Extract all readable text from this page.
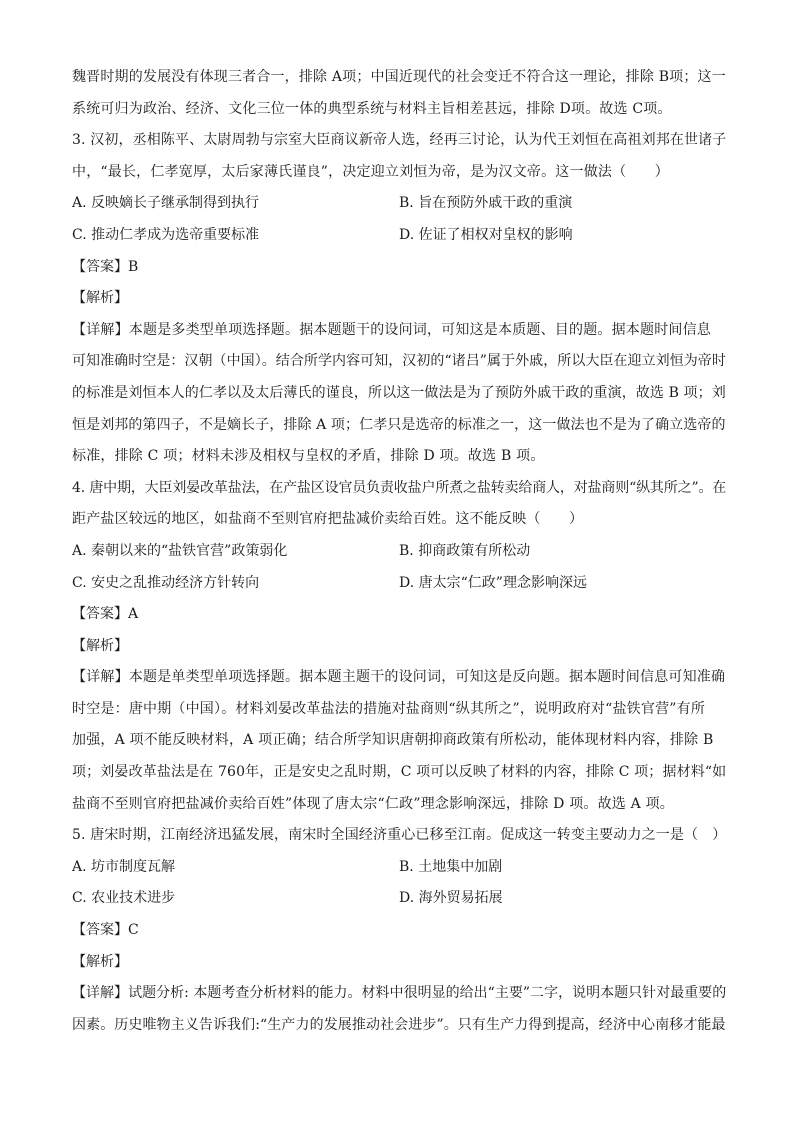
魏晋时期的发展没有体现三者合一，排除 A项；中国近现代的社会变迁不符合这一理论，排除 B项；这一
系统可归为政治、经济、文化三位一体的典型系统与材料主旨相差甚远，排除 D项。故选 C项。

3. 汉初，丞相陈平、太尉周勃与宗室大臣商议新帝人选，经再三讨论，认为代王刘恒在高祖刘邦在世诸子
中，“最长，仁孝宽厚，太后家薄氏谨良”，决定迎立刘恒为帝，是为汉文帝。这一做法（　　）

A. 反映嫡长子继承制得到执行	B. 旨在预防外戚干政的重演
C. 推动仁孝成为选帝重要标准	D. 佐证了相权对皇权的影响
【答案】B
【解析】

【详解】本题是多类型单项选择题。据本题题干的设问词，可知这是本质题、目的题。据本题时间信息
可知准确时空是：汉朝（中国）。结合所学内容可知，汉初的“诸吕”属于外戚，所以大臣在迎立刘恒为帝时
的标准是刘恒本人的仁孝以及太后薄氏的谨良，所以这一做法是为了预防外戚干政的重演，故选 B 项；刘
恒是刘邦的第四子，不是嫡长子，排除 A 项；仁孝只是选帝的标准之一，这一做法也不是为了确立选帝的
标准，排除 C 项；材料未涉及相权与皇权的矛盾，排除 D 项。故选 B 项。

4. 唐中期，大臣刘晏改革盐法，在产盐区设官员负责收盐户所煮之盐转卖给商人，对盐商则“纵其所之”。在
距产盐区较远的地区，如盐商不至则官府把盐减价卖给百姓。这不能反映（　　）

A. 秦朝以来的“盐铁官营”政策弱化	B. 抑商政策有所松动
C. 安史之乱推动经济方针转向	D. 唐太宗“仁政”理念影响深远
【答案】A
【解析】

【详解】本题是单类型单项选择题。据本题主题干的设问词，可知这是反向题。据本题时间信息可知准确
时空是：唐中期（中国）。材料刘晏改革盐法的措施对盐商则“纵其所之”，说明政府对“盐铁官营”有所
加强，A 项不能反映材料，A 项正确；结合所学知识唐朝抑商政策有所松动，能体现材料内容，排除 B
项；刘晏改革盐法是在 760年，正是安史之乱时期，C 项可以反映了材料的内容，排除 C 项；据材料“如
盐商不至则官府把盐减价卖给百姓”体现了唐太宗“仁政”理念影响深远，排除 D 项。故选 A 项。

5. 唐宋时期，江南经济迅猛发展，南宋时全国经济重心已移至江南。促成这一转变主要动力之一是（　）

A. 坊市制度瓦解	B. 土地集中加剧
C. 农业技术进步	D. 海外贸易拓展
【答案】C
【解析】

【详解】试题分析: 本题考查分析材料的能力。材料中很明显的给出“主要”二字，说明本题只针对最重要的
因素。历史唯物主义告诉我们:“生产力的发展推动社会进步”。只有生产力得到提高，经济中心南移才能最
